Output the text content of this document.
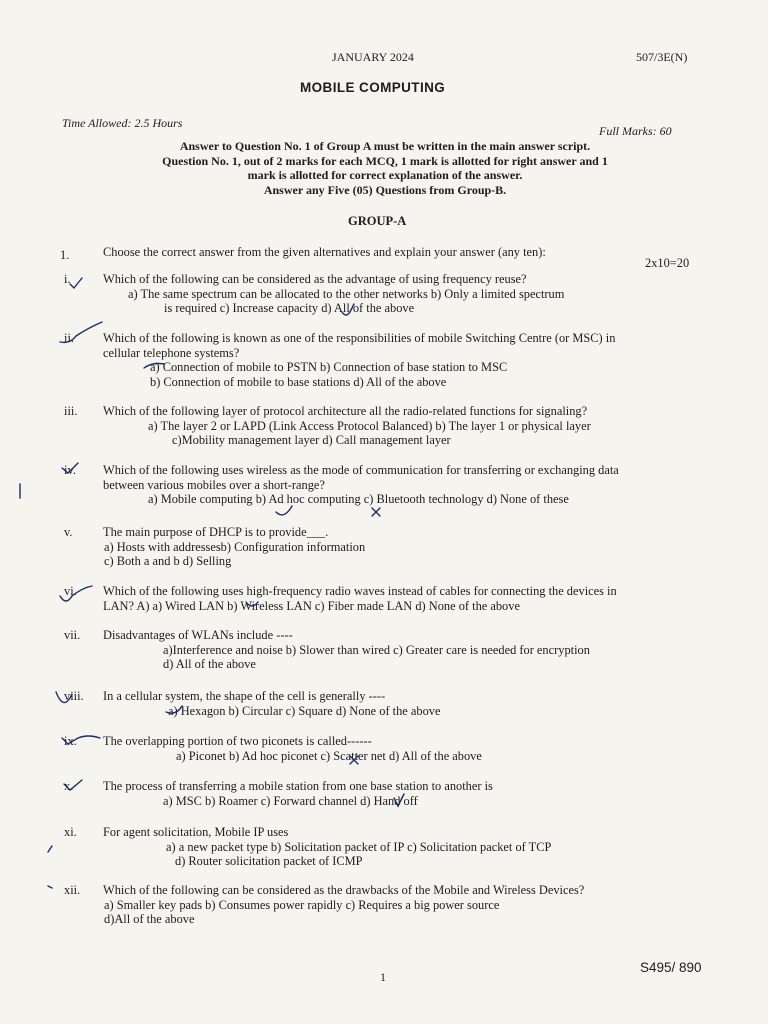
JANUARY 2024	507/3E(N)
MOBILE COMPUTING
Time Allowed: 2.5 Hours
Full Marks: 60
Answer to Question No. 1 of Group A must be written in the main answer script.
Question No. 1, out of 2 marks for each MCQ, 1 mark is allotted for right answer and 1
mark is allotted for correct explanation of the answer.
Answer any Five (05) Questions from Group-B.
GROUP-A
1.	Choose the correct answer from the given alternatives and explain your answer (any ten):
2x10=20
i.	Which of the following can be considered as the advantage of using frequency reuse?
a) The same spectrum can be allocated to the other networks b) Only a limited spectrum
is required c) Increase capacity d) All of the above
ii. Which of the following is known as one of the responsibilities of mobile Switching Centre (or MSC) in
cellular telephone systems?
a) Connection of mobile to PSTN b) Connection of base station to MSC
b) Connection of mobile to base stations d) All of the above
iii. Which of the following layer of protocol architecture all the radio-related functions for signaling?
a) The layer 2 or LAPD (Link Access Protocol Balanced) b) The layer 1 or physical layer
c)Mobility management layer d) Call management layer
iv. Which of the following uses wireless as the mode of communication for transferring or exchanging data
between various mobiles over a short-range?
a) Mobile computing b) Ad hoc computing c) Bluetooth technology d) None of these
v. The main purpose of DHCP is to provide___.
a) Hosts with addressesb) Configuration information
c) Both a and b d) Selling
vi. Which of the following uses high-frequency radio waves instead of cables for connecting the devices in
LAN? A) a) Wired LAN b) Wireless LAN c) Fiber made LAN d) None of the above
vii. Disadvantages of WLANs include ----
a)Interference and noise b) Slower than wired c) Greater care is needed for encryption
d) All of the above
viii. In a cellular system, the shape of the cell is generally ----
a) Hexagon b) Circular c) Square d) None of the above
ix. The overlapping portion of two piconets is called------
a) Piconet b) Ad hoc piconet c) Scatter net d) All of the above
x. The process of transferring a mobile station from one base station to another is
a) MSC b) Roamer c) Forward channel d) Hand off
xi. For agent solicitation, Mobile IP uses
a) a new packet type b) Solicitation packet of IP c) Solicitation packet of TCP
d) Router solicitation packet of ICMP
xii. Which of the following can be considered as the drawbacks of the Mobile and Wireless Devices?
a) Smaller key pads b) Consumes power rapidly c) Requires a big power source
d)All of the above
S495/ 890
1
